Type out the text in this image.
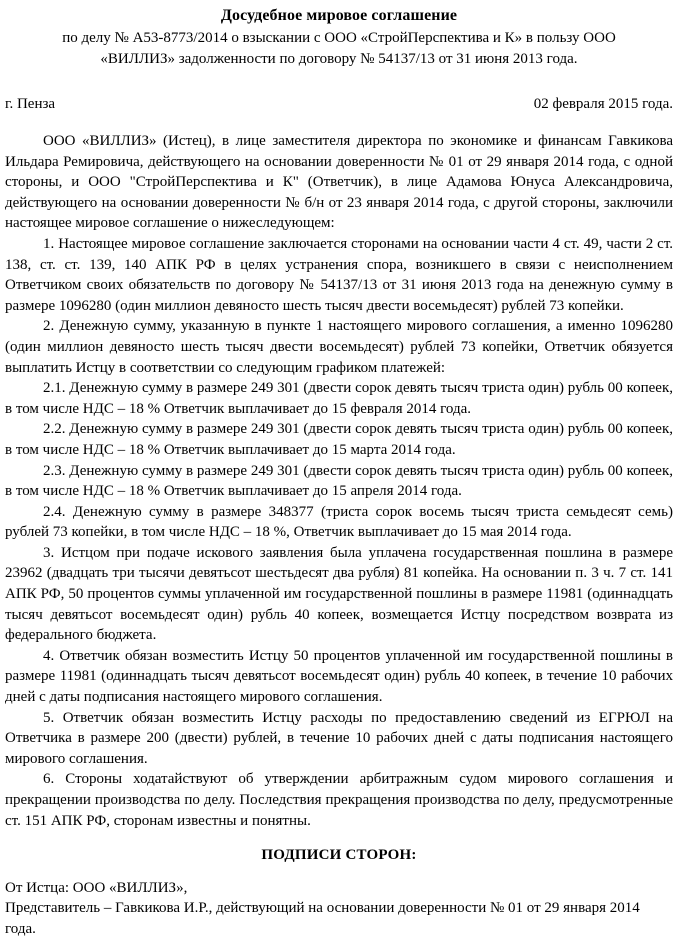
Досудебное мировое соглашение
по делу № А53-8773/2014 о взыскании с ООО «СтройПерспектива и К» в пользу ООО
«ВИЛЛИЗ» задолженности по договору № 54137/13 от 31 июня 2013 года.
г. Пенза	02 февраля 2015 года.

ООО «ВИЛЛИЗ» (Истец), в лице заместителя директора по экономике и финансам Гавкикова Ильдара Ремировича, действующего на основании доверенности № 01 от 29 января 2014 года, с одной стороны, и ООО "СтройПерспектива и К" (Ответчик), в лице Адамова Юнуса Александровича, действующего на основании доверенности № б/н от 23 января 2014 года, с другой стороны, заключили настоящее мировое соглашение о нижеследующем:

1. Настоящее мировое соглашение заключается сторонами на основании части 4 ст. 49, части 2 ст. 138, ст. ст. 139, 140 АПК РФ в целях устранения спора, возникшего в связи с неисполнением Ответчиком своих обязательств по договору № 54137/13 от 31 июня 2013 года на денежную сумму в размере 1096280 (один миллион девяносто шесть тысяч двести восемьдесят) рублей 73 копейки.

2. Денежную сумму, указанную в пункте 1 настоящего мирового соглашения, а именно 1096280 (один миллион девяносто шесть тысяч двести восемьдесят) рублей 73 копейки, Ответчик обязуется выплатить Истцу в соответствии со следующим графиком платежей:

2.1. Денежную сумму в размере 249 301 (двести сорок девять тысяч триста один) рубль 00 копеек, в том числе НДС – 18 % Ответчик выплачивает до 15 февраля 2014 года.

2.2. Денежную сумму в размере 249 301 (двести сорок девять тысяч триста один) рубль 00 копеек, в том числе НДС – 18 % Ответчик выплачивает до 15 марта 2014 года.

2.3. Денежную сумму в размере 249 301 (двести сорок девять тысяч триста один) рубль 00 копеек, в том числе НДС – 18 % Ответчик выплачивает до 15 апреля 2014 года.

2.4. Денежную сумму в размере 348377 (триста сорок восемь тысяч триста семьдесят семь) рублей 73 копейки, в том числе НДС – 18 %, Ответчик выплачивает до 15 мая 2014 года.

3. Истцом при подаче искового заявления была уплачена государственная пошлина в размере 23962 (двадцать три тысячи девятьсот шестьдесят два рубля) 81 копейка. На основании п. 3 ч. 7 ст. 141 АПК РФ, 50 процентов суммы уплаченной им государственной пошлины в размере 11981 (одиннадцать тысяч девятьсот восемьдесят один) рубль 40 копеек, возмещается Истцу посредством возврата из федерального бюджета.

4. Ответчик обязан возместить Истцу 50 процентов уплаченной им государственной пошлины в размере 11981 (одиннадцать тысяч девятьсот восемьдесят один) рубль 40 копеек, в течение 10 рабочих дней с даты подписания настоящего мирового соглашения.

5. Ответчик обязан возместить Истцу расходы по предоставлению сведений из ЕГРЮЛ на Ответчика в размере 200 (двести) рублей, в течение 10 рабочих дней с даты подписания настоящего мирового соглашения.

6. Стороны ходатайствуют об утверждении арбитражным судом мирового соглашения и прекращении производства по делу. Последствия прекращения производства по делу, предусмотренные ст. 151 АПК РФ, сторонам известны и понятны.

ПОДПИСИ СТОРОН:

От Истца: ООО «ВИЛЛИЗ»,

Представитель – Гавкикова И.Р., действующий на основании доверенности № 01 от 29 января 2014 года.
